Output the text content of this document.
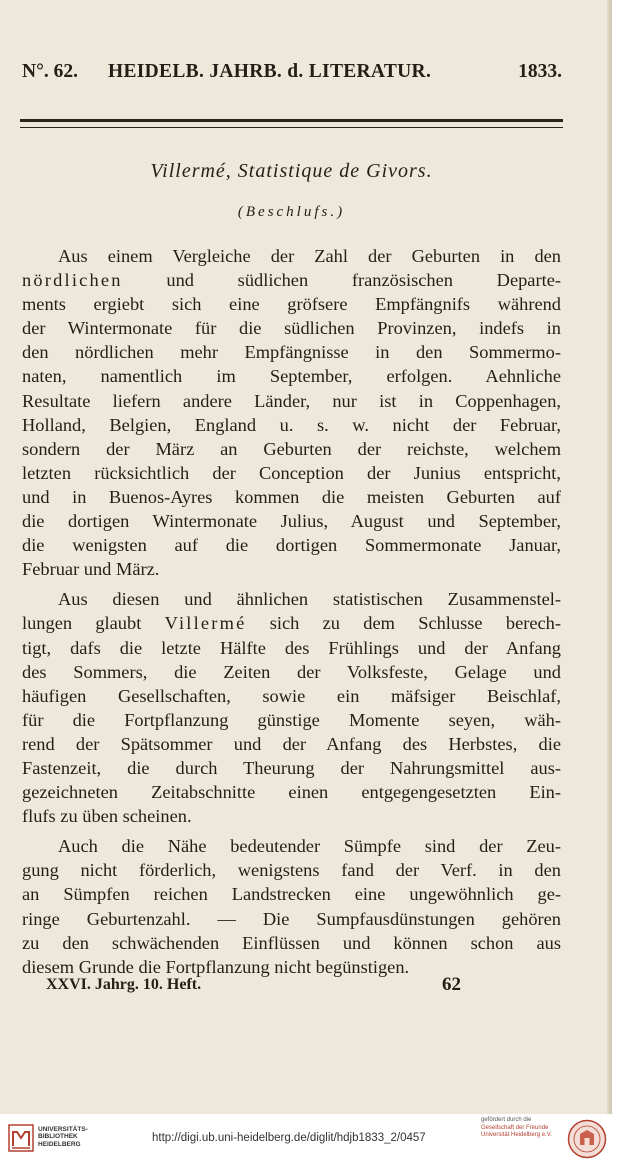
N°. 62. HEIDELB. JAHRB. d. LITERATUR.	1833.
Villermé, Statistique de Givors.
(Beschlufs.)
Aus einem Vergleiche der Zahl der Geburten in den
nördlichen und südlichen französischen Departe-
ments ergiebt sich eine gröfsere Empfängnifs während
der Wintermonate für die südlichen Provinzen, indefs in
den nördlichen mehr Empfängnisse in den Sommermo-
naten, namentlich im September, erfolgen. Aehnliche
Resultate liefern andere Länder, nur ist in Coppenhagen,
Holland, Belgien, England u. s. w. nicht der Februar,
sondern der März an Geburten der reichste, welchem
letzten rücksichtlich der Conception der Junius entspricht,
und in Buenos-Ayres kommen die meisten Geburten auf
die dortigen Wintermonate Julius, August und September,
die wenigsten auf die dortigen Sommermonate Januar,
Februar und März.
Aus diesen und ähnlichen statistischen Zusammenstel-
lungen glaubt Villermé sich zu dem Schlusse berech-
tigt, dafs die letzte Hälfte des Frühlings und der Anfang
des Sommers, die Zeiten der Volksfeste, Gelage und
häufigen Gesellschaften, sowie ein mäfsiger Beischlaf,
für die Fortpflanzung günstige Momente seyen, wäh-
rend der Spätsommer und der Anfang des Herbstes, die
Fastenzeit, die durch Theurung der Nahrungsmittel aus-
gezeichneten Zeitabschnitte einen entgegengesetzten Ein-
flufs zu üben scheinen.
Auch die Nähe bedeutender Sümpfe sind der Zeu-
gung nicht förderlich, wenigstens fand der Verf. in den
an Sümpfen reichen Landstrecken eine ungewöhnlich ge-
ringe Geburtenzahl. — Die Sumpfausdünstungen gehören
zu den schwächenden Einflüssen und können schon aus
diesem Grunde die Fortpflanzung nicht begünstigen.
XXVI. Jahrg. 10. Heft.	62
UNIVERSITÄTS-
BIBLIOTHEK
HEIDELBERG
http://digi.ub.uni-heidelberg.de/diglit/hdjb1833_2/0457
gefördert durch die
Gesellschaft der Freunde
Universität Heidelberg e.V.
